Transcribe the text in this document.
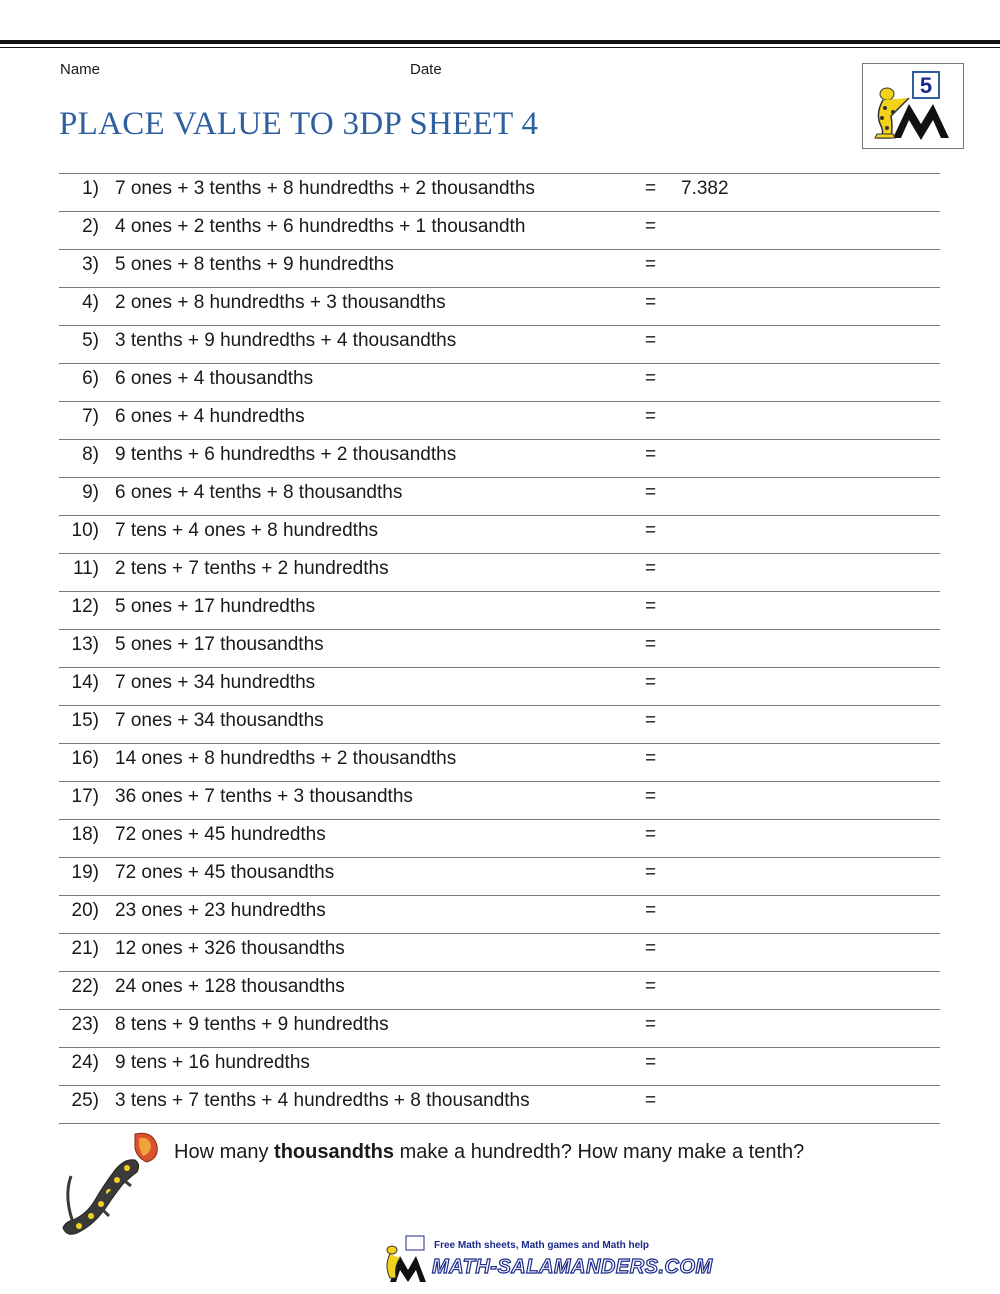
Name	Date
PLACE VALUE TO 3DP SHEET 4
5
1) 7 ones + 3 tenths + 8 hundredths + 2 thousandths	= 7.382
2) 4 ones + 2 tenths + 6 hundredths + 1 thousandth	=
3) 5 ones + 8 tenths + 9 hundredths	=
4) 2 ones + 8 hundredths + 3 thousandths	=
5) 3 tenths + 9 hundredths + 4 thousandths	=
6) 6 ones + 4 thousandths	=
7) 6 ones + 4 hundredths	=
8) 9 tenths + 6 hundredths + 2 thousandths	=
9) 6 ones + 4 tenths + 8 thousandths	=
10) 7 tens + 4 ones + 8 hundredths	=
11) 2 tens + 7 tenths + 2 hundredths	=
12) 5 ones + 17 hundredths	=
13) 5 ones + 17 thousandths	=
14) 7 ones + 34 hundredths	=
15) 7 ones + 34 thousandths	=
16) 14 ones + 8 hundredths + 2 thousandths	=
17) 36 ones + 7 tenths + 3 thousandths	=
18) 72 ones + 45 hundredths	=
19) 72 ones + 45 thousandths	=
20) 23 ones + 23 hundredths	=
21) 12 ones + 326 thousandths	=
22) 24 ones + 128 thousandths	=
23) 8 tens + 9 tenths + 9 hundredths	=
24) 9 tens + 16 hundredths	=
25) 3 tens + 7 tenths + 4 hundredths + 8 thousandths	=
How many thousandths make a hundredth? How many make a tenth?
Free Math sheets, Math games and Math help
MATH-SALAMANDERS.COM
